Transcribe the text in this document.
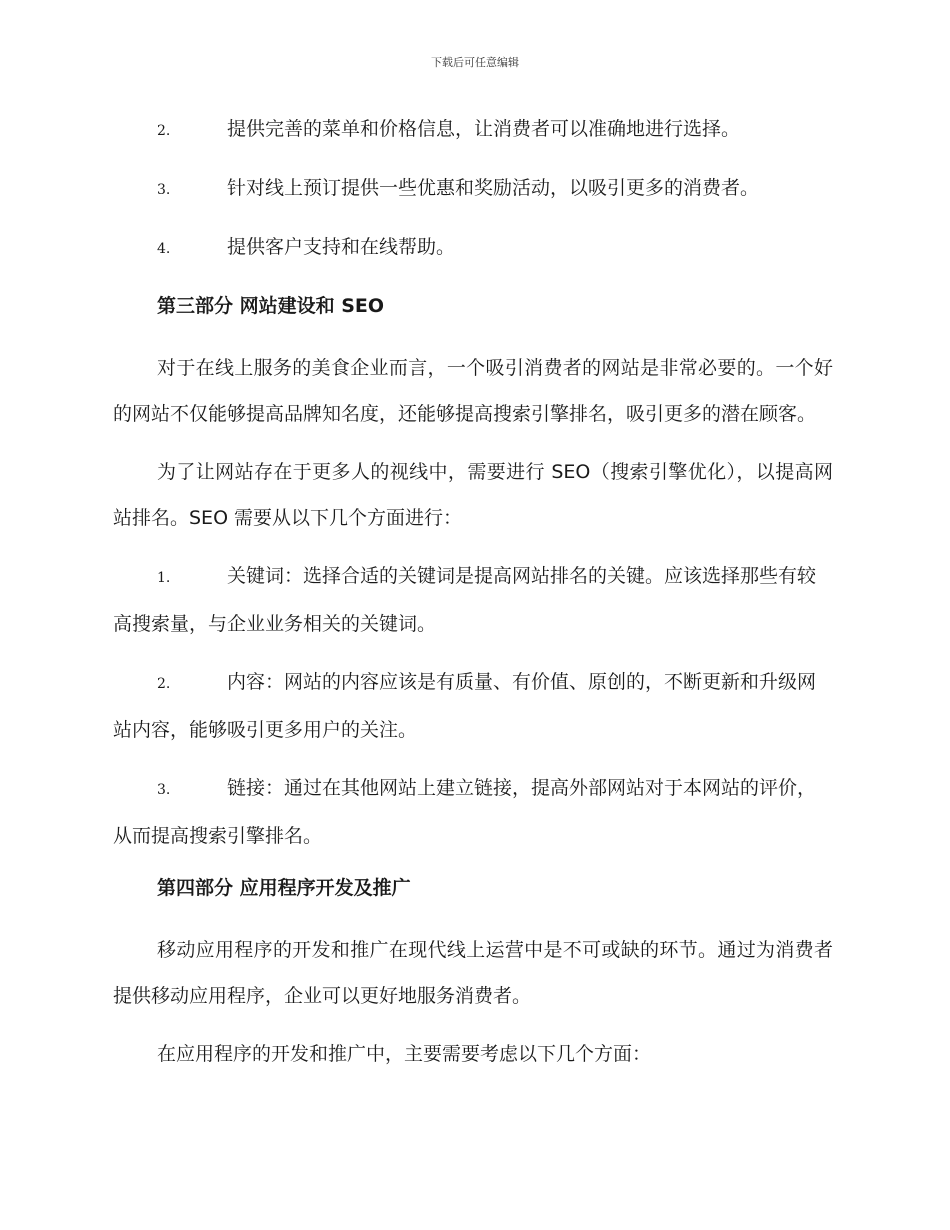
下载后可任意编辑
2.	提供完善的菜单和价格信息，让消费者可以准确地进行选择。
3.	针对线上预订提供一些优惠和奖励活动，以吸引更多的消费者。
4.	提供客户支持和在线帮助。
第三部分 网站建设和 SEO
对于在线上服务的美食企业而言，一个吸引消费者的网站是非常必要的。一个好的网站不仅能够提高品牌知名度，还能够提高搜索引擎排名，吸引更多的潜在顾客。
为了让网站存在于更多人的视线中，需要进行 SEO（搜索引擎优化），以提高网站排名。SEO 需要从以下几个方面进行：
1.	关键词：选择合适的关键词是提高网站排名的关键。应该选择那些有较高搜索量，与企业业务相关的关键词。
2.	内容：网站的内容应该是有质量、有价值、原创的，不断更新和升级网站内容，能够吸引更多用户的关注。
3.	链接：通过在其他网站上建立链接，提高外部网站对于本网站的评价，从而提高搜索引擎排名。
第四部分 应用程序开发及推广
移动应用程序的开发和推广在现代线上运营中是不可或缺的环节。通过为消费者提供移动应用程序，企业可以更好地服务消费者。
在应用程序的开发和推广中，主要需要考虑以下几个方面：
